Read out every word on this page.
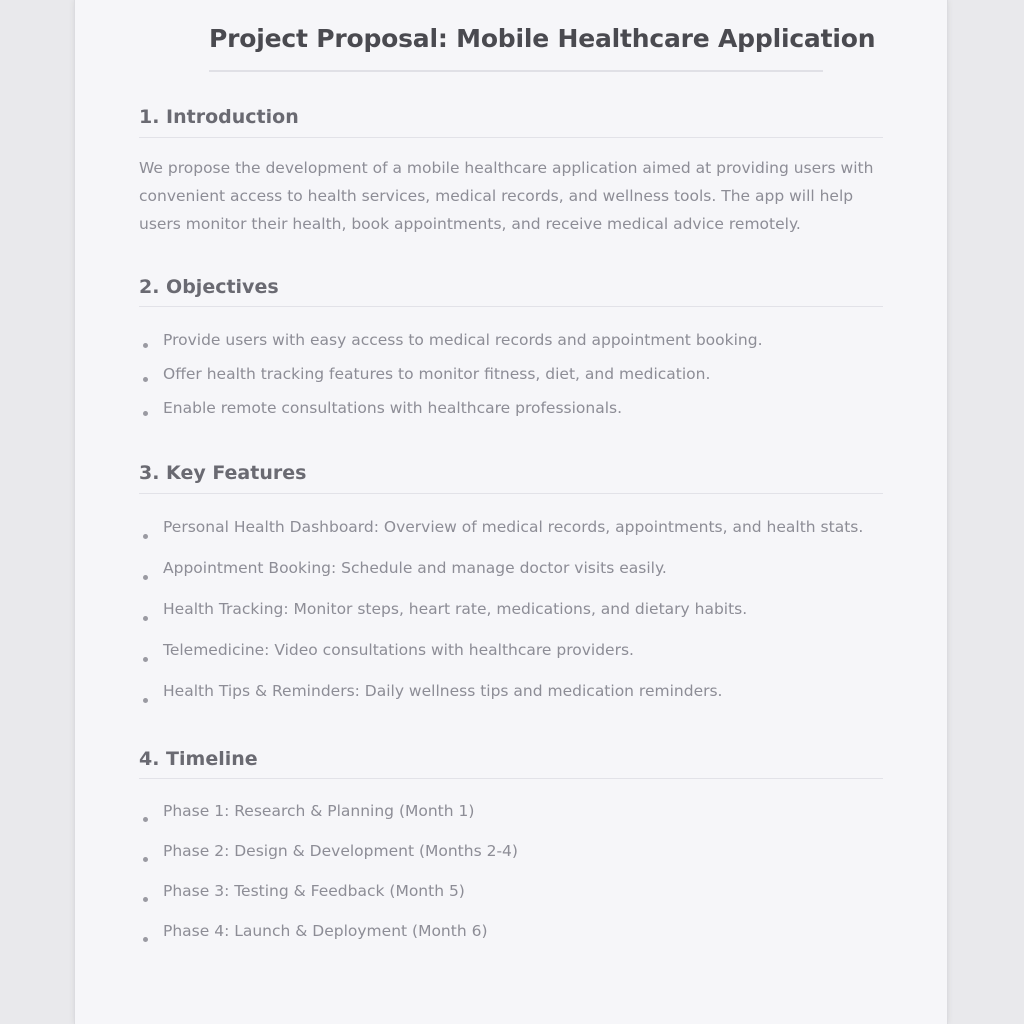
Project Proposal: Mobile Healthcare Application
1. Introduction
We propose the development of a mobile healthcare application aimed at providing users with convenient access to health services, medical records, and wellness tools. The app will help users monitor their health, book appointments, and receive medical advice remotely.
2. Objectives
Provide users with easy access to medical records and appointment booking.
Offer health tracking features to monitor fitness, diet, and medication.
Enable remote consultations with healthcare professionals.
3. Key Features
Personal Health Dashboard: Overview of medical records, appointments, and health stats.
Appointment Booking: Schedule and manage doctor visits easily.
Health Tracking: Monitor steps, heart rate, medications, and dietary habits.
Telemedicine: Video consultations with healthcare providers.
Health Tips & Reminders: Daily wellness tips and medication reminders.
4. Timeline
Phase 1: Research & Planning (Month 1)
Phase 2: Design & Development (Months 2-4)
Phase 3: Testing & Feedback (Month 5)
Phase 4: Launch & Deployment (Month 6)
